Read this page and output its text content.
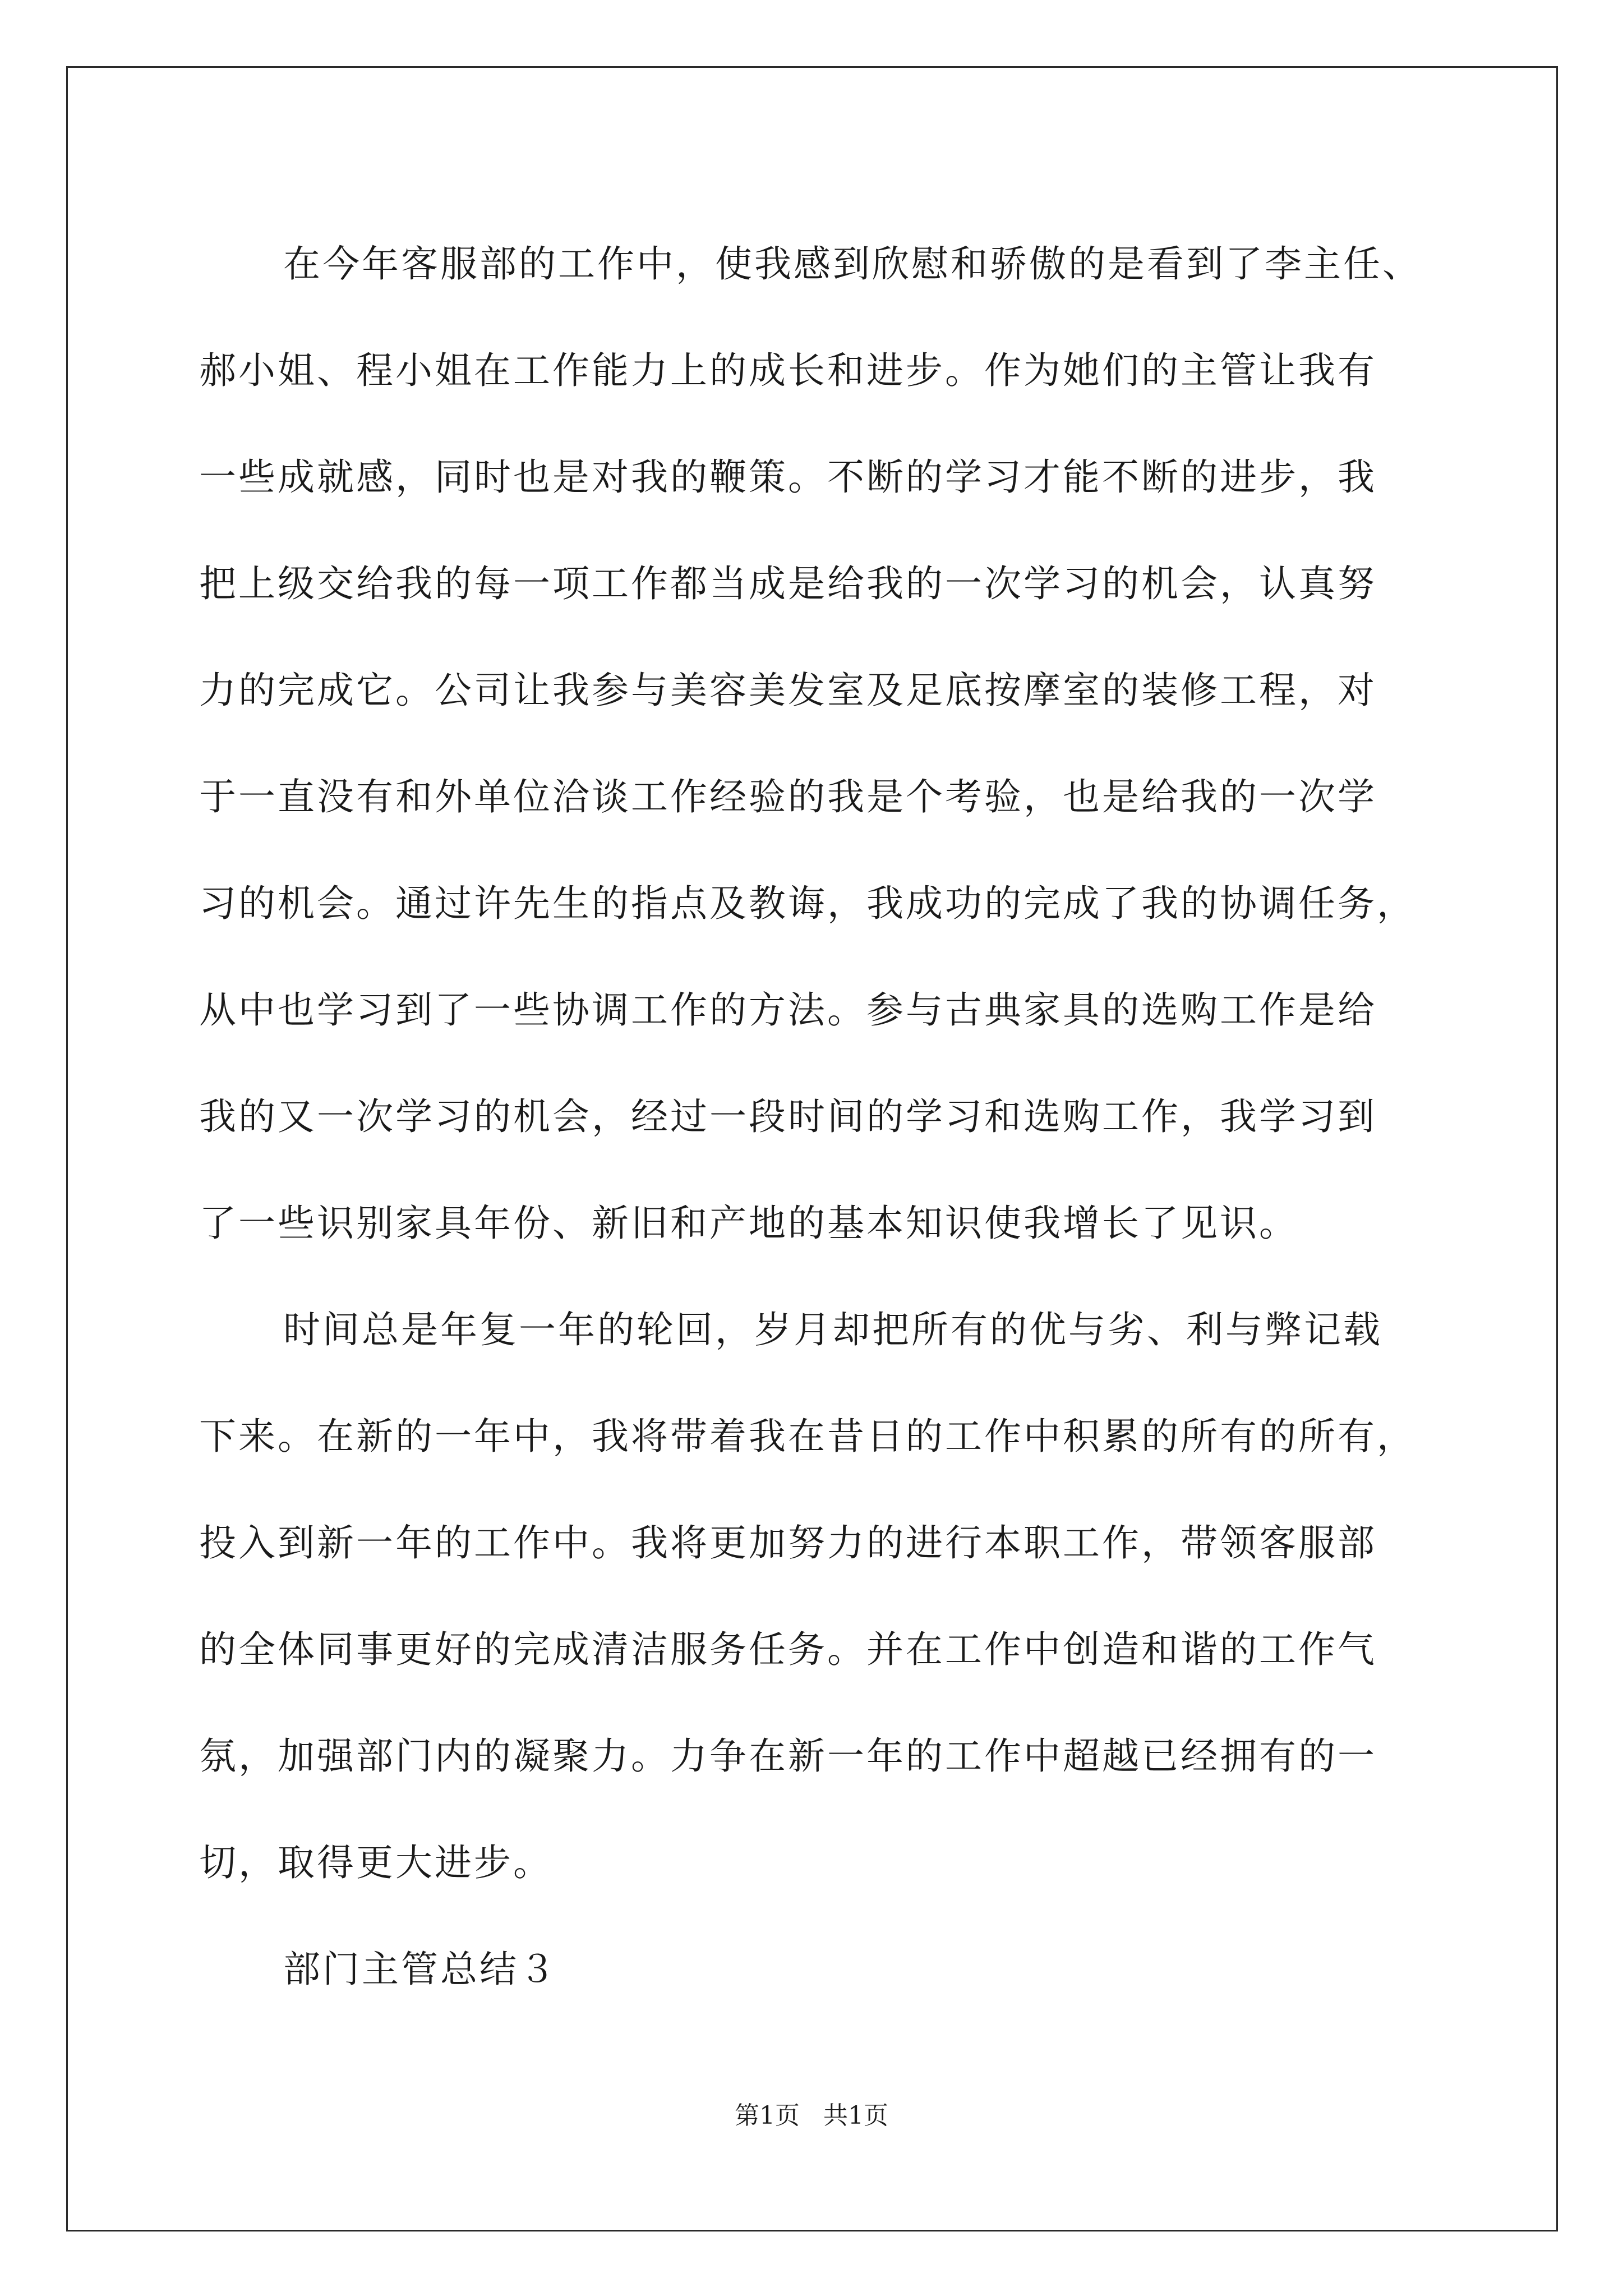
在今年客服部的工作中，使我感到欣慰和骄傲的是看到了李主任、
郝小姐、程小姐在工作能力上的成长和进步。作为她们的主管让我有
一些成就感，同时也是对我的鞭策。不断的学习才能不断的进步，我
把上级交给我的每一项工作都当成是给我的一次学习的机会，认真努
力的完成它。公司让我参与美容美发室及足底按摩室的装修工程，对
于一直没有和外单位洽谈工作经验的我是个考验，也是给我的一次学
习的机会。通过许先生的指点及教诲，我成功的完成了我的协调任务，
从中也学习到了一些协调工作的方法。参与古典家具的选购工作是给
我的又一次学习的机会，经过一段时间的学习和选购工作，我学习到
了一些识别家具年份、新旧和产地的基本知识使我增长了见识。
时间总是年复一年的轮回，岁月却把所有的优与劣、利与弊记载
下来。在新的一年中，我将带着我在昔日的工作中积累的所有的所有，
投入到新一年的工作中。我将更加努力的进行本职工作，带领客服部
的全体同事更好的完成清洁服务任务。并在工作中创造和谐的工作气
氛，加强部门内的凝聚力。力争在新一年的工作中超越已经拥有的一
切，取得更大进步。
部门主管总结３
第1页   共1页
